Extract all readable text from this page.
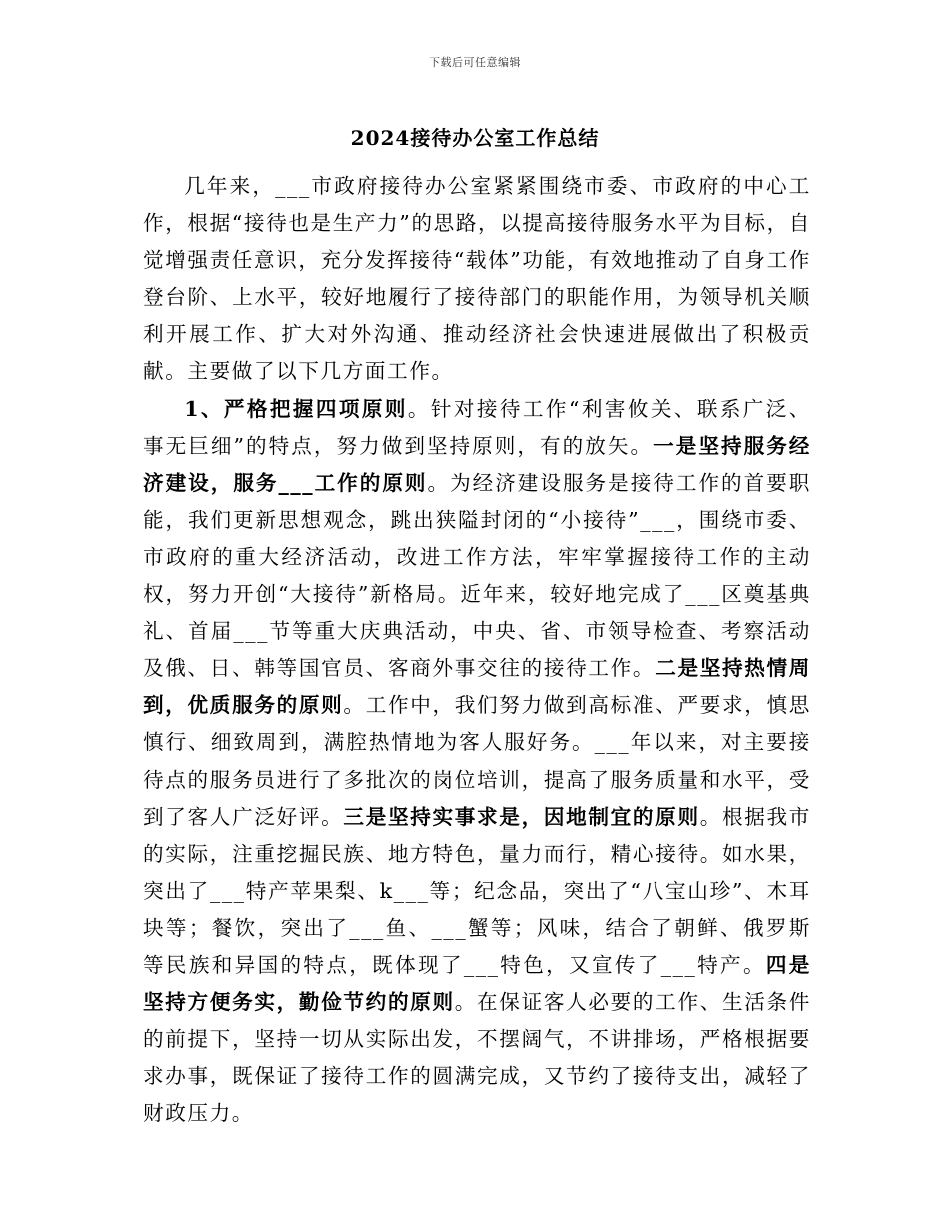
下载后可任意编辑
2024接待办公室工作总结

几年来，___市政府接待办公室紧紧围绕市委、市政府的中心工作，根据“接待也是生产力”的思路，以提高接待服务水平为目标，自觉增强责任意识，充分发挥接待“载体”功能，有效地推动了自身工作登台阶、上水平，较好地履行了接待部门的职能作用，为领导机关顺利开展工作、扩大对外沟通、推动经济社会快速进展做出了积极贡献。主要做了以下几方面工作。

1、严格把握四项原则。针对接待工作“利害攸关、联系广泛、事无巨细”的特点，努力做到坚持原则，有的放矢。一是坚持服务经济建设，服务___工作的原则。为经济建设服务是接待工作的首要职能，我们更新思想观念，跳出狭隘封闭的“小接待”___，围绕市委、市政府的重大经济活动，改进工作方法，牢牢掌握接待工作的主动权，努力开创“大接待”新格局。近年来，较好地完成了___区奠基典礼、首届___节等重大庆典活动，中央、省、市领导检查、考察活动及俄、日、韩等国官员、客商外事交往的接待工作。二是坚持热情周到，优质服务的原则。工作中，我们努力做到高标准、严要求，慎思慎行、细致周到，满腔热情地为客人服好务。___年以来，对主要接待点的服务员进行了多批次的岗位培训，提高了服务质量和水平，受到了客人广泛好评。三是坚持实事求是，因地制宜的原则。根据我市的实际，注重挖掘民族、地方特色，量力而行，精心接待。如水果，突出了___特产苹果梨、k___等；纪念品，突出了“八宝山珍”、木耳块等；餐饮，突出了___鱼、___蟹等；风味，结合了朝鲜、俄罗斯等民族和异国的特点，既体现了___特色，又宣传了___特产。四是坚持方便务实，勤俭节约的原则。在保证客人必要的工作、生活条件的前提下，坚持一切从实际出发，不摆阔气，不讲排场，严格根据要求办事，既保证了接待工作的圆满完成，又节约了接待支出，减轻了财政压力。
